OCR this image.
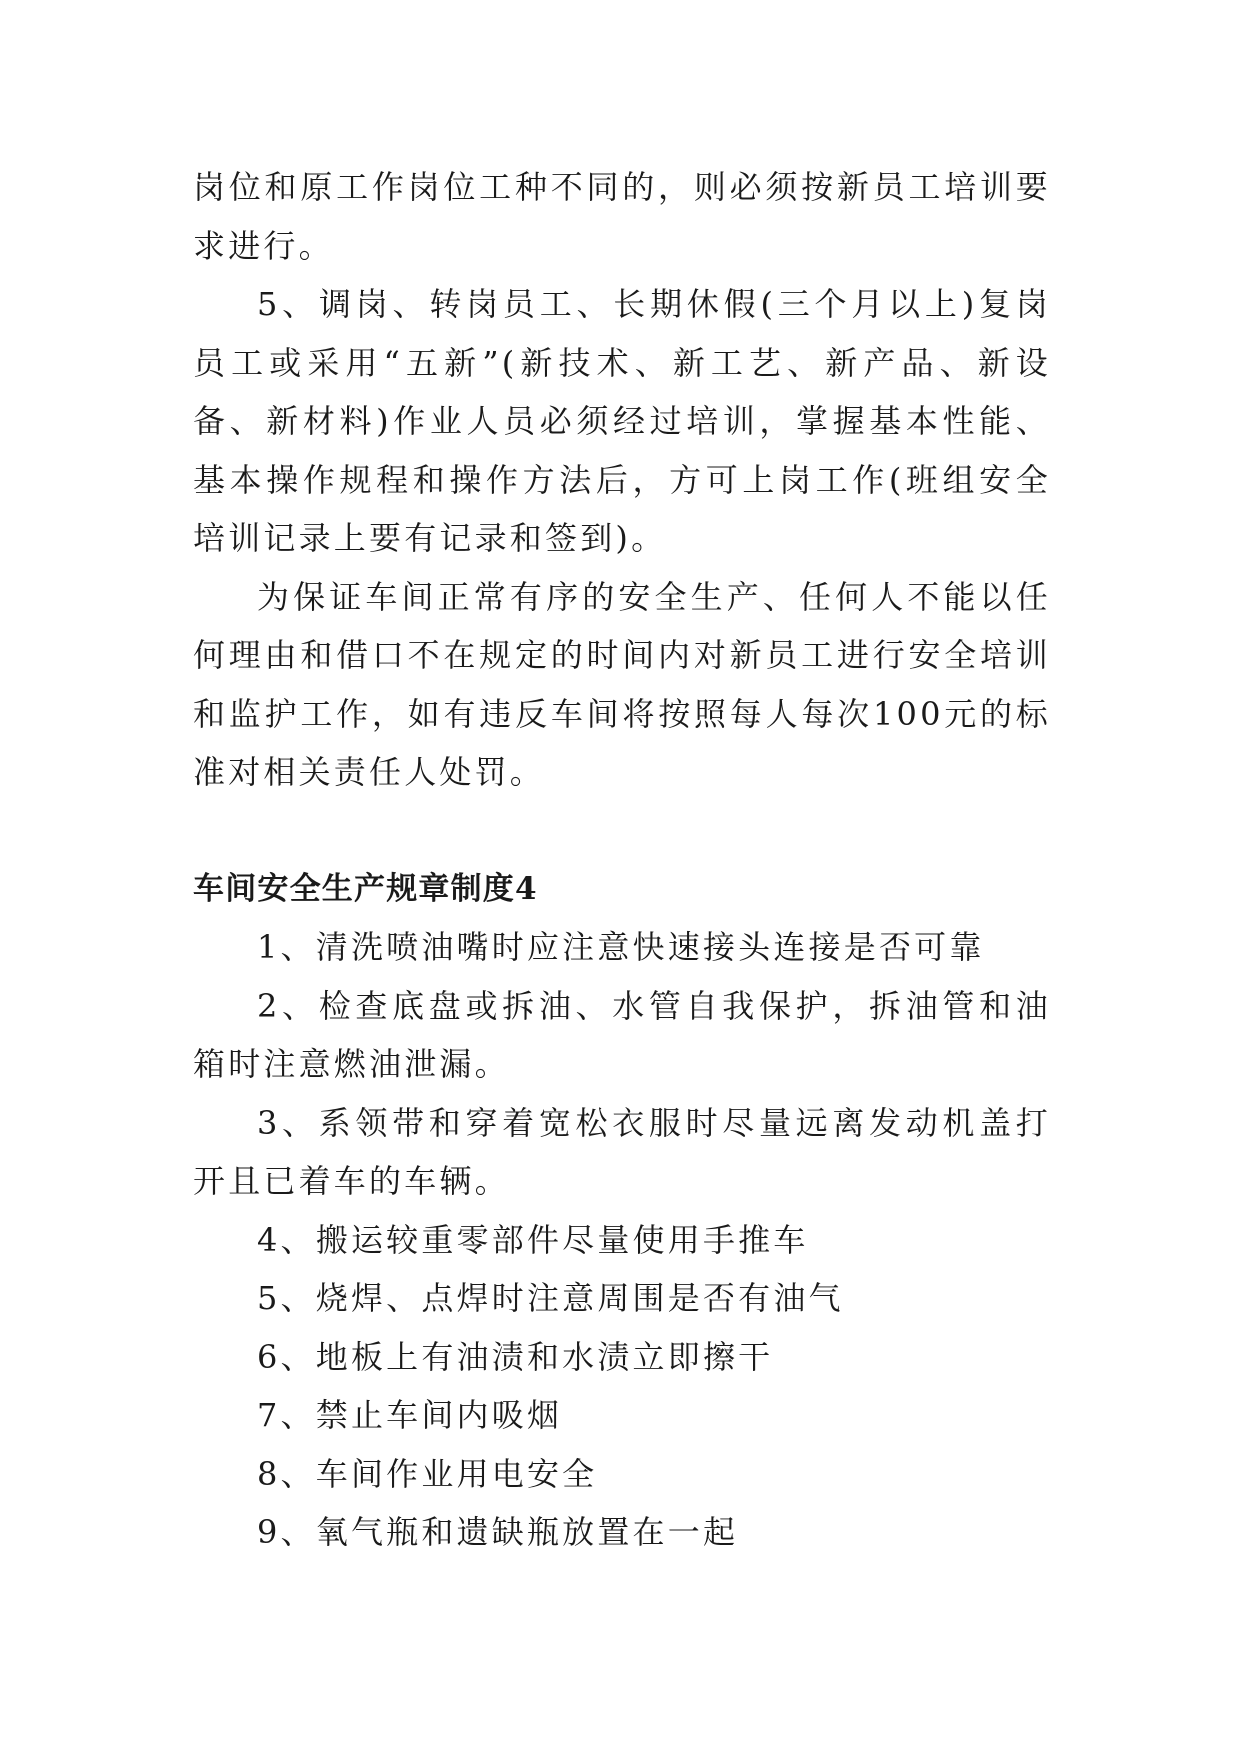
岗位和原工作岗位工种不同的，则必须按新员工培训要求进行。

5、调岗、转岗员工、长期休假(三个月以上)复岗员工或采用“五新”(新技术、新工艺、新产品、新设备、新材料)作业人员必须经过培训，掌握基本性能、基本操作规程和操作方法后，方可上岗工作(班组安全培训记录上要有记录和签到)。

为保证车间正常有序的安全生产、任何人不能以任何理由和借口不在规定的时间内对新员工进行安全培训和监护工作，如有违反车间将按照每人每次100元的标准对相关责任人处罚。

车间安全生产规章制度4

1、清洗喷油嘴时应注意快速接头连接是否可靠

2、检查底盘或拆油、水管自我保护，拆油管和油箱时注意燃油泄漏。

3、系领带和穿着宽松衣服时尽量远离发动机盖打开且已着车的车辆。

4、搬运较重零部件尽量使用手推车

5、烧焊、点焊时注意周围是否有油气

6、地板上有油渍和水渍立即擦干

7、禁止车间内吸烟

8、车间作业用电安全

9、氧气瓶和遗缺瓶放置在一起
